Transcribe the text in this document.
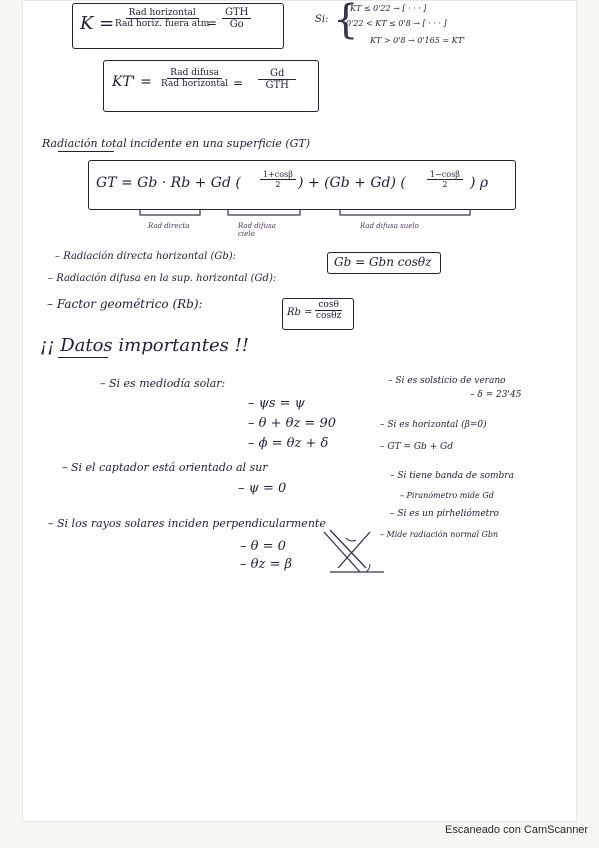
K =	Rad horizontal
Rad horiz. fuera atm
=
GTH
Go	Si: {
KT ≤ 0'22 → [ · · · ]
0'22 < KT ≤ 0'8 → [ · · · ]
KT > 0'8 → 0'165 = KT'
KT' =
Rad difusa
Rad horizontal =
Gd
GTH
Radiación total incidente en una superficie (GT)
GT = Gb · Rb + Gd ( $\frac{1+\cos\beta}{2}$ ) + (Gb + Gd) (	$\frac{1-\cos\beta}{2}$ ) ρ
Rad directa	Rad difusa cielo
Rad difusa suelo
– Radiación directa horizontal (Gb):	Gb = Gbn cosθz
– Radiación difusa en la sup. horizontal (Gd):
– Factor geométrico (Rb):
$Rb = \frac{\cos\theta}{\cos\theta z}$
¡¡ Datos importantes !!
– Si es mediodía solar:
– ψs = ψ
– θ + θz = 90
– ϕ = θz + δ
– Si el captador está orientado al sur
– ψ = 0
– Si los rayos solares inciden perpendicularmente
– θ = 0
– θz = β
– Si es solsticio de verano
– δ = 23'45
– Si es horizontal (β=0)
– GT = Gb + Gd
– Si tiene banda de sombra
– Piranómetro mide Gd
– Si es un pirheliómetro
– Mide radiación normal Gbn
Escaneado con CamScanner
